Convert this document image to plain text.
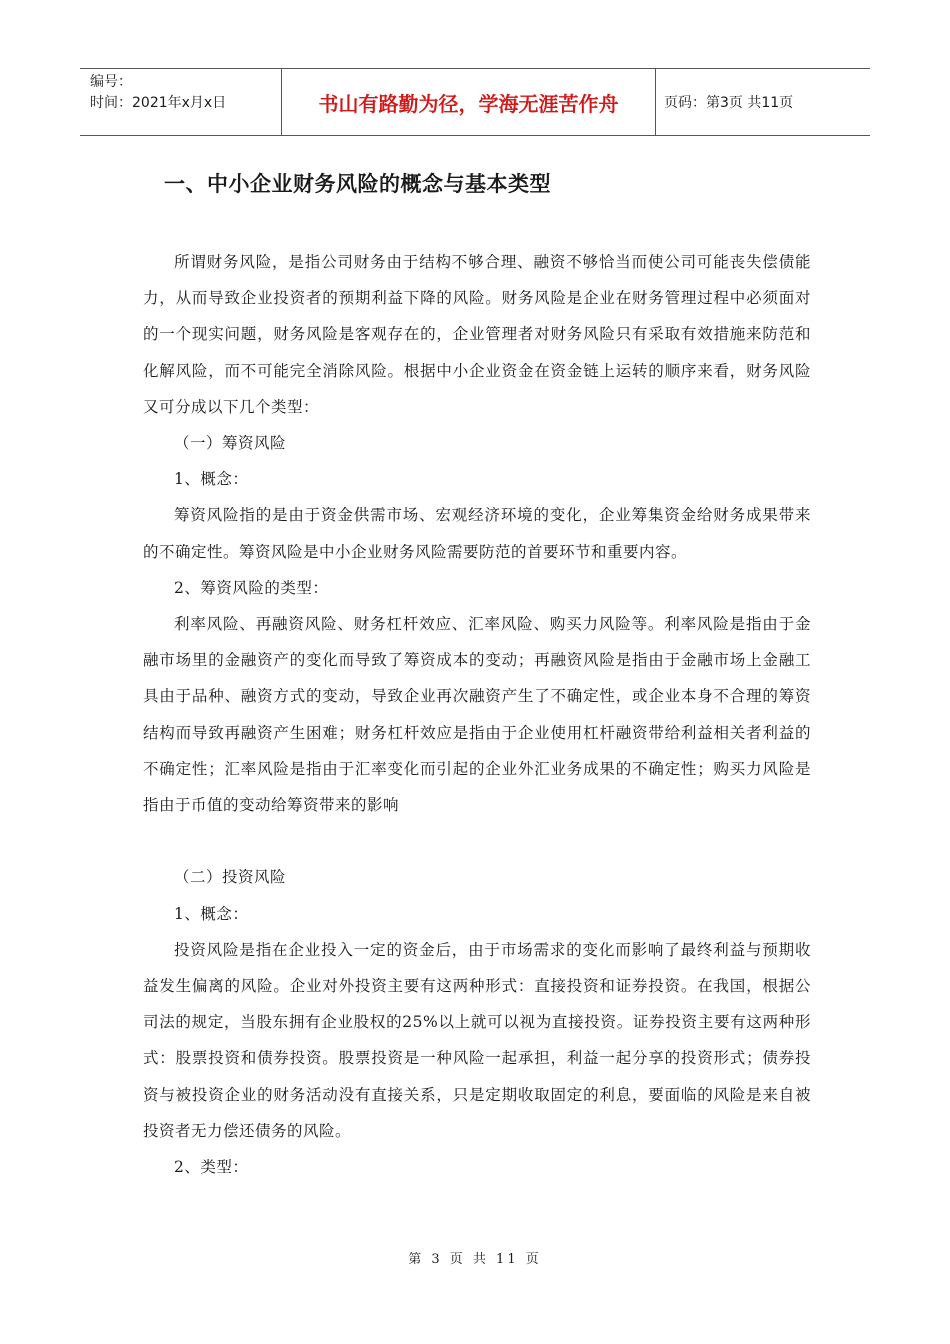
编号：
时间：2021年x月x日	书山有路勤为径，学海无涯苦作舟	页码：第3页 共11页
一、中小企业财务风险的概念与基本类型

所谓财务风险，是指公司财务由于结构不够合理、融资不够恰当而使公司可能丧失偿债能力，从而导致企业投资者的预期利益下降的风险。财务风险是企业在财务管理过程中必须面对的一个现实问题，财务风险是客观存在的，企业管理者对财务风险只有采取有效措施来防范和化解风险，而不可能完全消除风险。根据中小企业资金在资金链上运转的顺序来看，财务风险又可分成以下几个类型：

（一）筹资风险

1、概念：

筹资风险指的是由于资金供需市场、宏观经济环境的变化，企业筹集资金给财务成果带来的不确定性。筹资风险是中小企业财务风险需要防范的首要环节和重要内容。

2、筹资风险的类型：

利率风险、再融资风险、财务杠杆效应、汇率风险、购买力风险等。利率风险是指由于金融市场里的金融资产的变化而导致了筹资成本的变动；再融资风险是指由于金融市场上金融工具由于品种、融资方式的变动，导致企业再次融资产生了不确定性，或企业本身不合理的筹资结构而导致再融资产生困难；财务杠杆效应是指由于企业使用杠杆融资带给利益相关者利益的不确定性；汇率风险是指由于汇率变化而引起的企业外汇业务成果的不确定性；购买力风险是指由于币值的变动给筹资带来的影响

（二）投资风险

1、概念：

投资风险是指在企业投入一定的资金后，由于市场需求的变化而影响了最终利益与预期收益发生偏离的风险。企业对外投资主要有这两种形式：直接投资和证券投资。在我国，根据公司法的规定，当股东拥有企业股权的25%以上就可以视为直接投资。证券投资主要有这两种形式：股票投资和债券投资。股票投资是一种风险一起承担，利益一起分享的投资形式；债券投资与被投资企业的财务活动没有直接关系，只是定期收取固定的利息，要面临的风险是来自被投资者无力偿还债务的风险。

2、类型：

第 3 页 共 11 页
